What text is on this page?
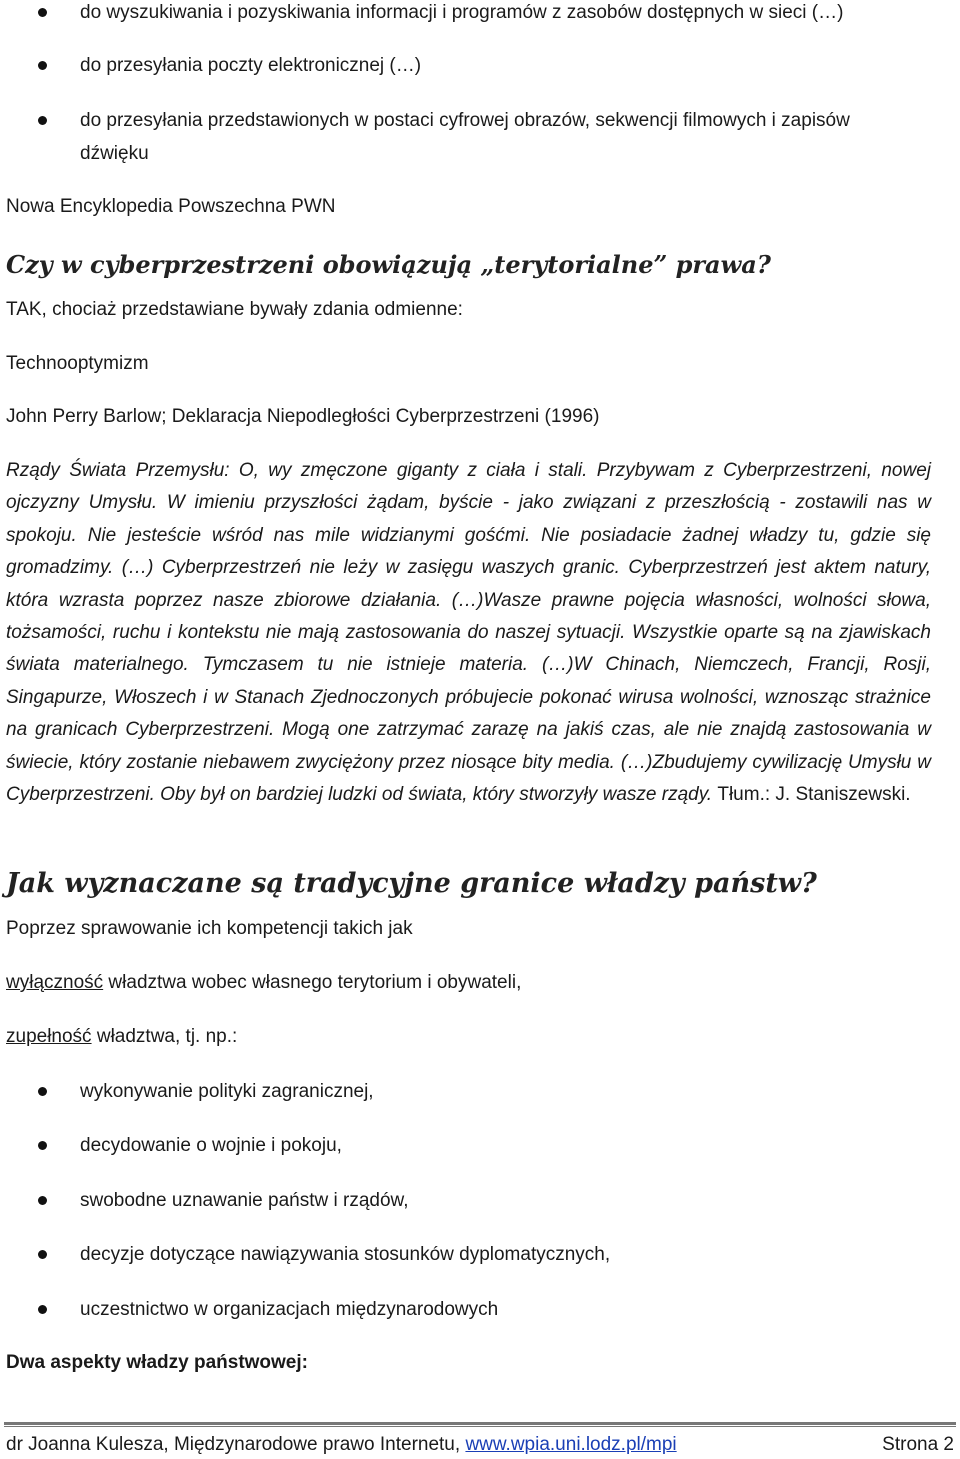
do wyszukiwania i pozyskiwania informacji i programów z zasobów dostępnych w sieci (…)
do przesyłania poczty elektronicznej (…)
do przesyłania przedstawionych w postaci cyfrowej obrazów, sekwencji filmowych i zapisów
dźwięku
Nowa Encyklopedia Powszechna PWN
Czy w cyberprzestrzeni obowiązują „terytorialne” prawa?
TAK, chociaż przedstawiane bywały zdania odmienne:
Technooptymizm
John Perry Barlow; Deklaracja Niepodległości Cyberprzestrzeni (1996)
Rządy Świata Przemysłu: O, wy zmęczone giganty z ciała i stali. Przybywam z Cyberprzestrzeni, nowej ojczyzny Umysłu. W imieniu przyszłości żądam, byście - jako związani z przeszłością - zostawili nas w spokoju. Nie jesteście wśród nas mile widzianymi gośćmi. Nie posiadacie żadnej władzy tu, gdzie się gromadzimy. (…) Cyberprzestrzeń nie leży w zasięgu waszych granic. Cyberprzestrzeń jest aktem natury, która wzrasta poprzez nasze zbiorowe działania. (…)Wasze prawne pojęcia własności, wolności słowa, tożsamości, ruchu i kontekstu nie mają zastosowania do naszej sytuacji. Wszystkie oparte są na zjawiskach świata materialnego. Tymczasem tu nie istnieje materia. (…)W Chinach, Niemczech, Francji, Rosji, Singapurze, Włoszech i w Stanach Zjednoczonych próbujecie pokonać wirusa wolności, wznosząc strażnice na granicach Cyberprzestrzeni. Mogą one zatrzymać zarazę na jakiś czas, ale nie znajdą zastosowania w świecie, który zostanie niebawem zwyciężony przez niosące bity media. (…)Zbudujemy cywilizację Umysłu w Cyberprzestrzeni. Oby był on bardziej ludzki od świata, który stworzyły wasze rządy. Tłum.: J. Staniszewski.
Jak wyznaczane są tradycyjne granice władzy państw?
Poprzez sprawowanie ich kompetencji takich jak
wyłączność władztwa wobec własnego terytorium i obywateli,
zupełność władztwa, tj. np.:
wykonywanie polityki zagranicznej,
decydowanie o wojnie i pokoju,
swobodne uznawanie państw i rządów,
decyzje dotyczące nawiązywania stosunków dyplomatycznych,
uczestnictwo w organizacjach międzynarodowych
Dwa aspekty władzy państwowej:
dr Joanna Kulesza, Międzynarodowe prawo Internetu, www.wpia.uni.lodz.pl/mpi	Strona 2
